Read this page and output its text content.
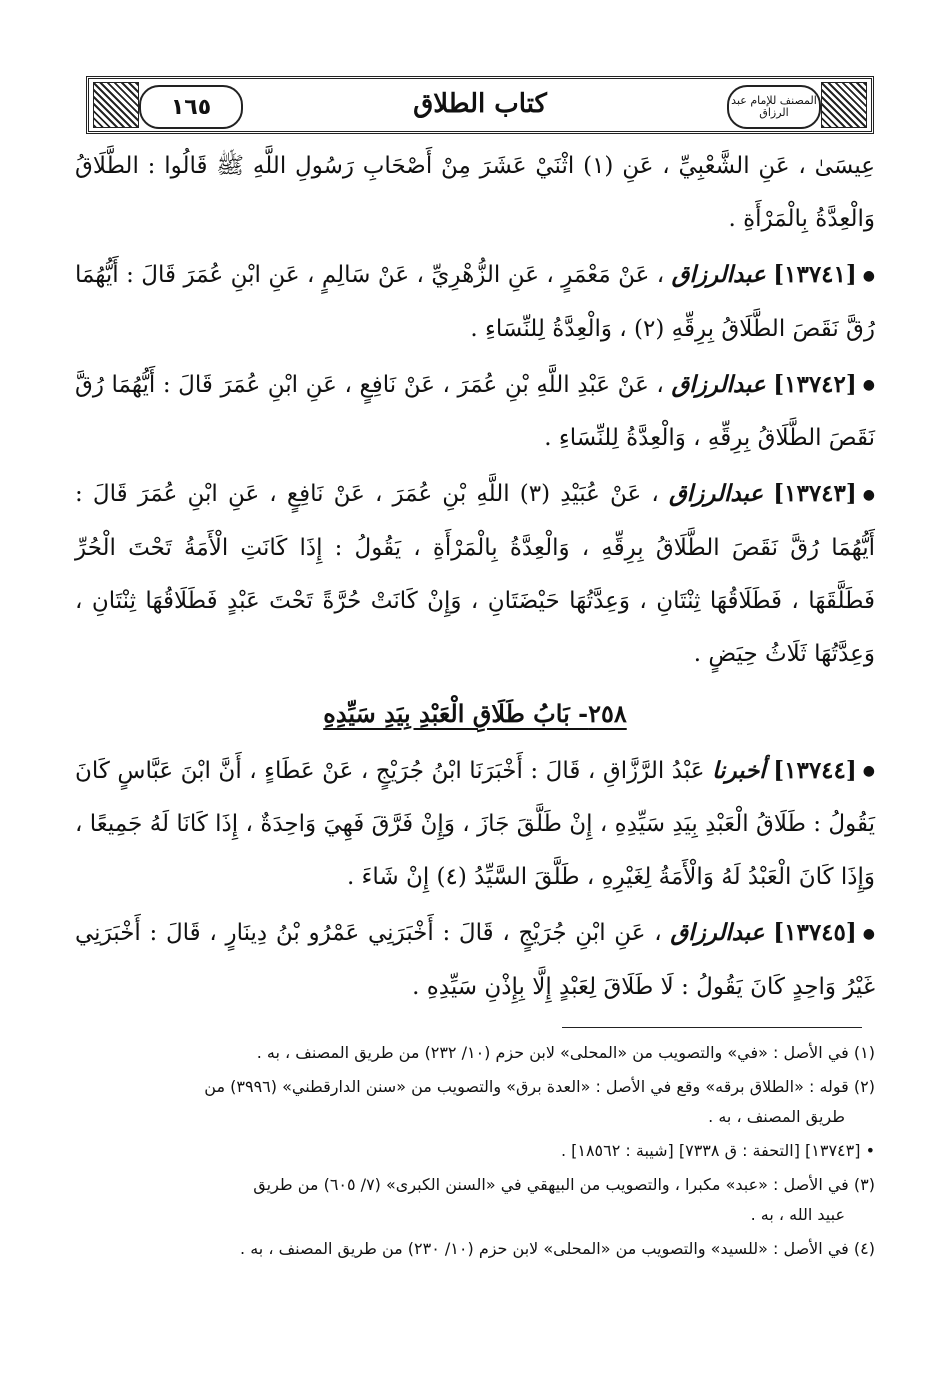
١٦٥	كتاب الطلاق	المصنف للإمام عبد الرزاق

عِيسَىٰ ، عَنِ الشَّعْبِيِّ ، عَنِ (١) اثْنَيْ عَشَرَ مِنْ أَصْحَابِ رَسُولِ اللَّهِ ﷺ قَالُوا : الطَّلَاقُ وَالْعِدَّةُ بِالْمَرْأَةِ .

●[١٣٧٤١] عبدالرزاق ، عَنْ مَعْمَرٍ ، عَنِ الزُّهْرِيِّ ، عَنْ سَالِمٍ ، عَنِ ابْنِ عُمَرَ قَالَ : أَيُّهُمَا رُقَّ نَقَصَ الطَّلَاقُ بِرِقِّهِ (٢) ، وَالْعِدَّةُ لِلنِّسَاءِ .

●[١٣٧٤٢] عبدالرزاق ، عَنْ عَبْدِ اللَّهِ بْنِ عُمَرَ ، عَنْ نَافِعٍ ، عَنِ ابْنِ عُمَرَ قَالَ : أَيُّهُمَا رُقَّ نَقَصَ الطَّلَاقُ بِرِقِّهِ ، وَالْعِدَّةُ لِلنِّسَاءِ .

●[١٣٧٤٣] عبدالرزاق ، عَنْ عُبَيْدِ (٣) اللَّهِ بْنِ عُمَرَ ، عَنْ نَافِعٍ ، عَنِ ابْنِ عُمَرَ قَالَ : أَيُّهُمَا رُقَّ نَقَصَ الطَّلَاقُ بِرِقِّهِ ، وَالْعِدَّةُ بِالْمَرْأَةِ ، يَقُولُ : إِذَا كَانَتِ الْأَمَةُ تَحْتَ الْحُرِّ فَطَلَّقَهَا ، فَطَلَاقُهَا ثِنْتَانِ ، وَعِدَّتُهَا حَيْضَتَانِ ، وَإِنْ كَانَتْ حُرَّةً تَحْتَ عَبْدٍ فَطَلَاقُهَا ثِنْتَانِ ، وَعِدَّتُهَا ثَلَاثُ حِيَضٍ .

٢٥٨- بَابُ طَلَاقِ الْعَبْدِ بِيَدِ سَيِّدِهِ

●[١٣٧٤٤] أخبرنا عَبْدُ الرَّزَّاقِ ، قَالَ : أَخْبَرَنَا ابْنُ جُرَيْجٍ ، عَنْ عَطَاءٍ ، أَنَّ ابْنَ عَبَّاسٍ كَانَ يَقُولُ : طَلَاقُ الْعَبْدِ بِيَدِ سَيِّدِهِ ، إِنْ طَلَّقَ جَازَ ، وَإِنْ فَرَّقَ فَهِيَ وَاحِدَةٌ ، إِذَا كَانَا لَهُ جَمِيعًا ، وَإِذَا كَانَ الْعَبْدُ لَهُ وَالْأَمَةُ لِغَيْرِهِ ، طَلَّقَ السَّيِّدُ (٤) إِنْ شَاءَ .

●[١٣٧٤٥] عبدالرزاق ، عَنِ ابْنِ جُرَيْجٍ ، قَالَ : أَخْبَرَنِي عَمْرُو بْنُ دِينَارٍ ، قَالَ : أَخْبَرَنِي غَيْرُ وَاحِدٍ كَانَ يَقُولُ : لَا طَلَاقَ لِعَبْدٍ إِلَّا بِإِذْنِ سَيِّدِهِ .

(١) في الأصل : «في» والتصويب من «المحلى» لابن حزم (١٠/ ٢٣٢) من طريق المصنف ، به .
(٢) قوله : «الطلاق برقه» وقع في الأصل : «العدة برق» والتصويب من «سنن الدارقطني» (٣٩٩٦) من
طريق المصنف ، به .
• [١٣٧٤٣] [التحفة : ق ٧٣٣٨] [شيبة : ١٨٥٦٢] .
(٣) في الأصل : «عبد» مكبرا ، والتصويب من البيهقي في «السنن الكبرى» (٧/ ٦٠٥) من طريق
عبيد الله ، به .
(٤) في الأصل : «للسيد» والتصويب من «المحلى» لابن حزم (١٠/ ٢٣٠) من طريق المصنف ، به .
